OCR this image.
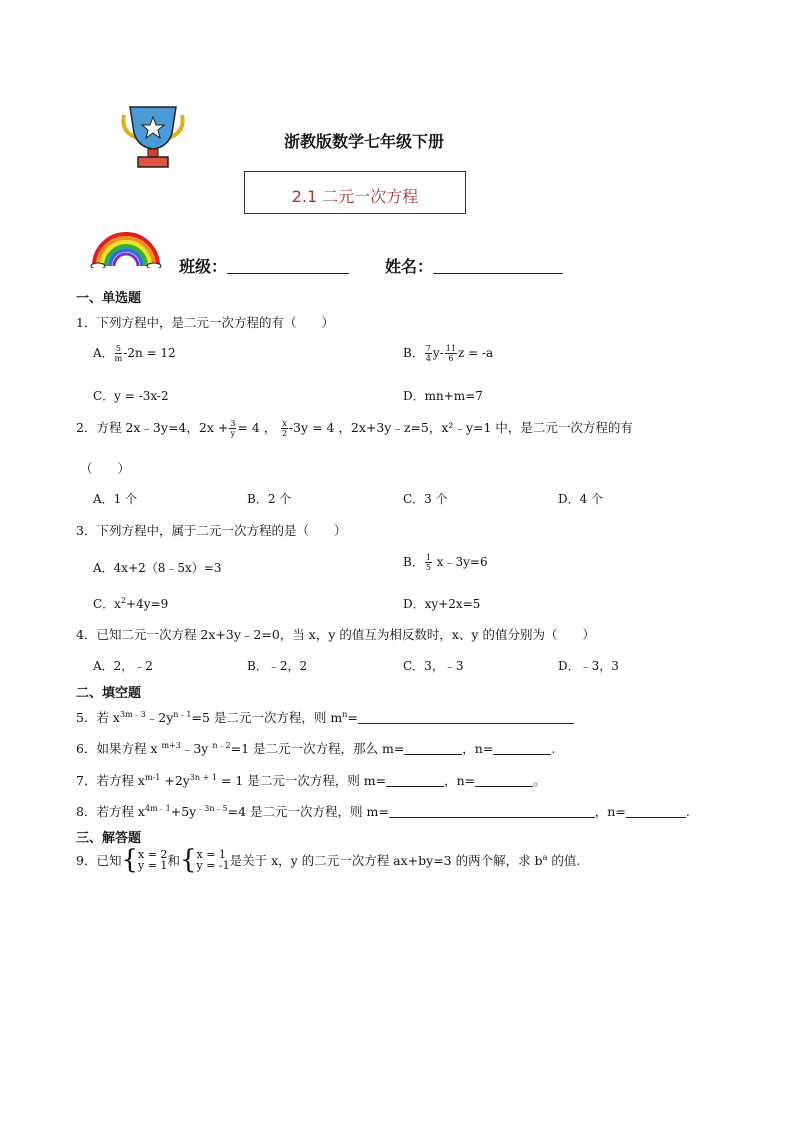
浙教版数学七年级下册
2.1 二元一次方程
班级：	姓名：
一、单选题
1．下列方程中，是二元一次方程的有（　　）
A． $\frac{5}{m} -2n = 12$	B． $\frac{7}{4} y- \frac{11}{6}$ z = -a
C．y = -3x-2	D．mn+m=7
2．方程 2x﹣3y=4，$2x + \frac{3}{y} = 4$ ， $\frac{x}{2} -3y = 4$ ，2x+3y﹣z=5，x²﹣y=1 中，是二元一次方程的有
（　　）
A．1 个	B．2 个	C．3 个	D．4 个
3．下列方程中，属于二元一次方程的是（　　）
A．4x+2（8﹣5x）=3	B． $\frac{1}{5}$ x﹣3y=6
C．$x^2+4y=9$	D．xy+2x=5
4．已知二元一次方程 2x+3y﹣2=0，当 x，y 的值互为相反数时，x、y 的值分别为（　　）
A．2，﹣2	B．﹣2，2	C．3，﹣3	D．﹣3，3
二、填空题
5．若 $x^{3m﹣3}﹣2y^{n﹣1}=5$ 是二元一次方程，则 $m^n=$
6．如果方程 x $^{m+3}$﹣3y $^{n﹣2}$=1 是二元一次方程，那么 m=	，n=	.
7．若方程 $x^{m-1} +2y^{3n + 1} = 1$ 是二元一次方程，则 m=	，n=	。
8．若方程 $x^{4m﹣1}+5y^{﹣3n﹣5}=4$ 是二元一次方程，则 m=	，n=	.
三、解答题
9．已知{ x = 2
y = 1 和{ x = 1
y = -1 是关于 x，y 的二元一次方程 ax+by=3 的两个解，求 $b^a$ 的值.
